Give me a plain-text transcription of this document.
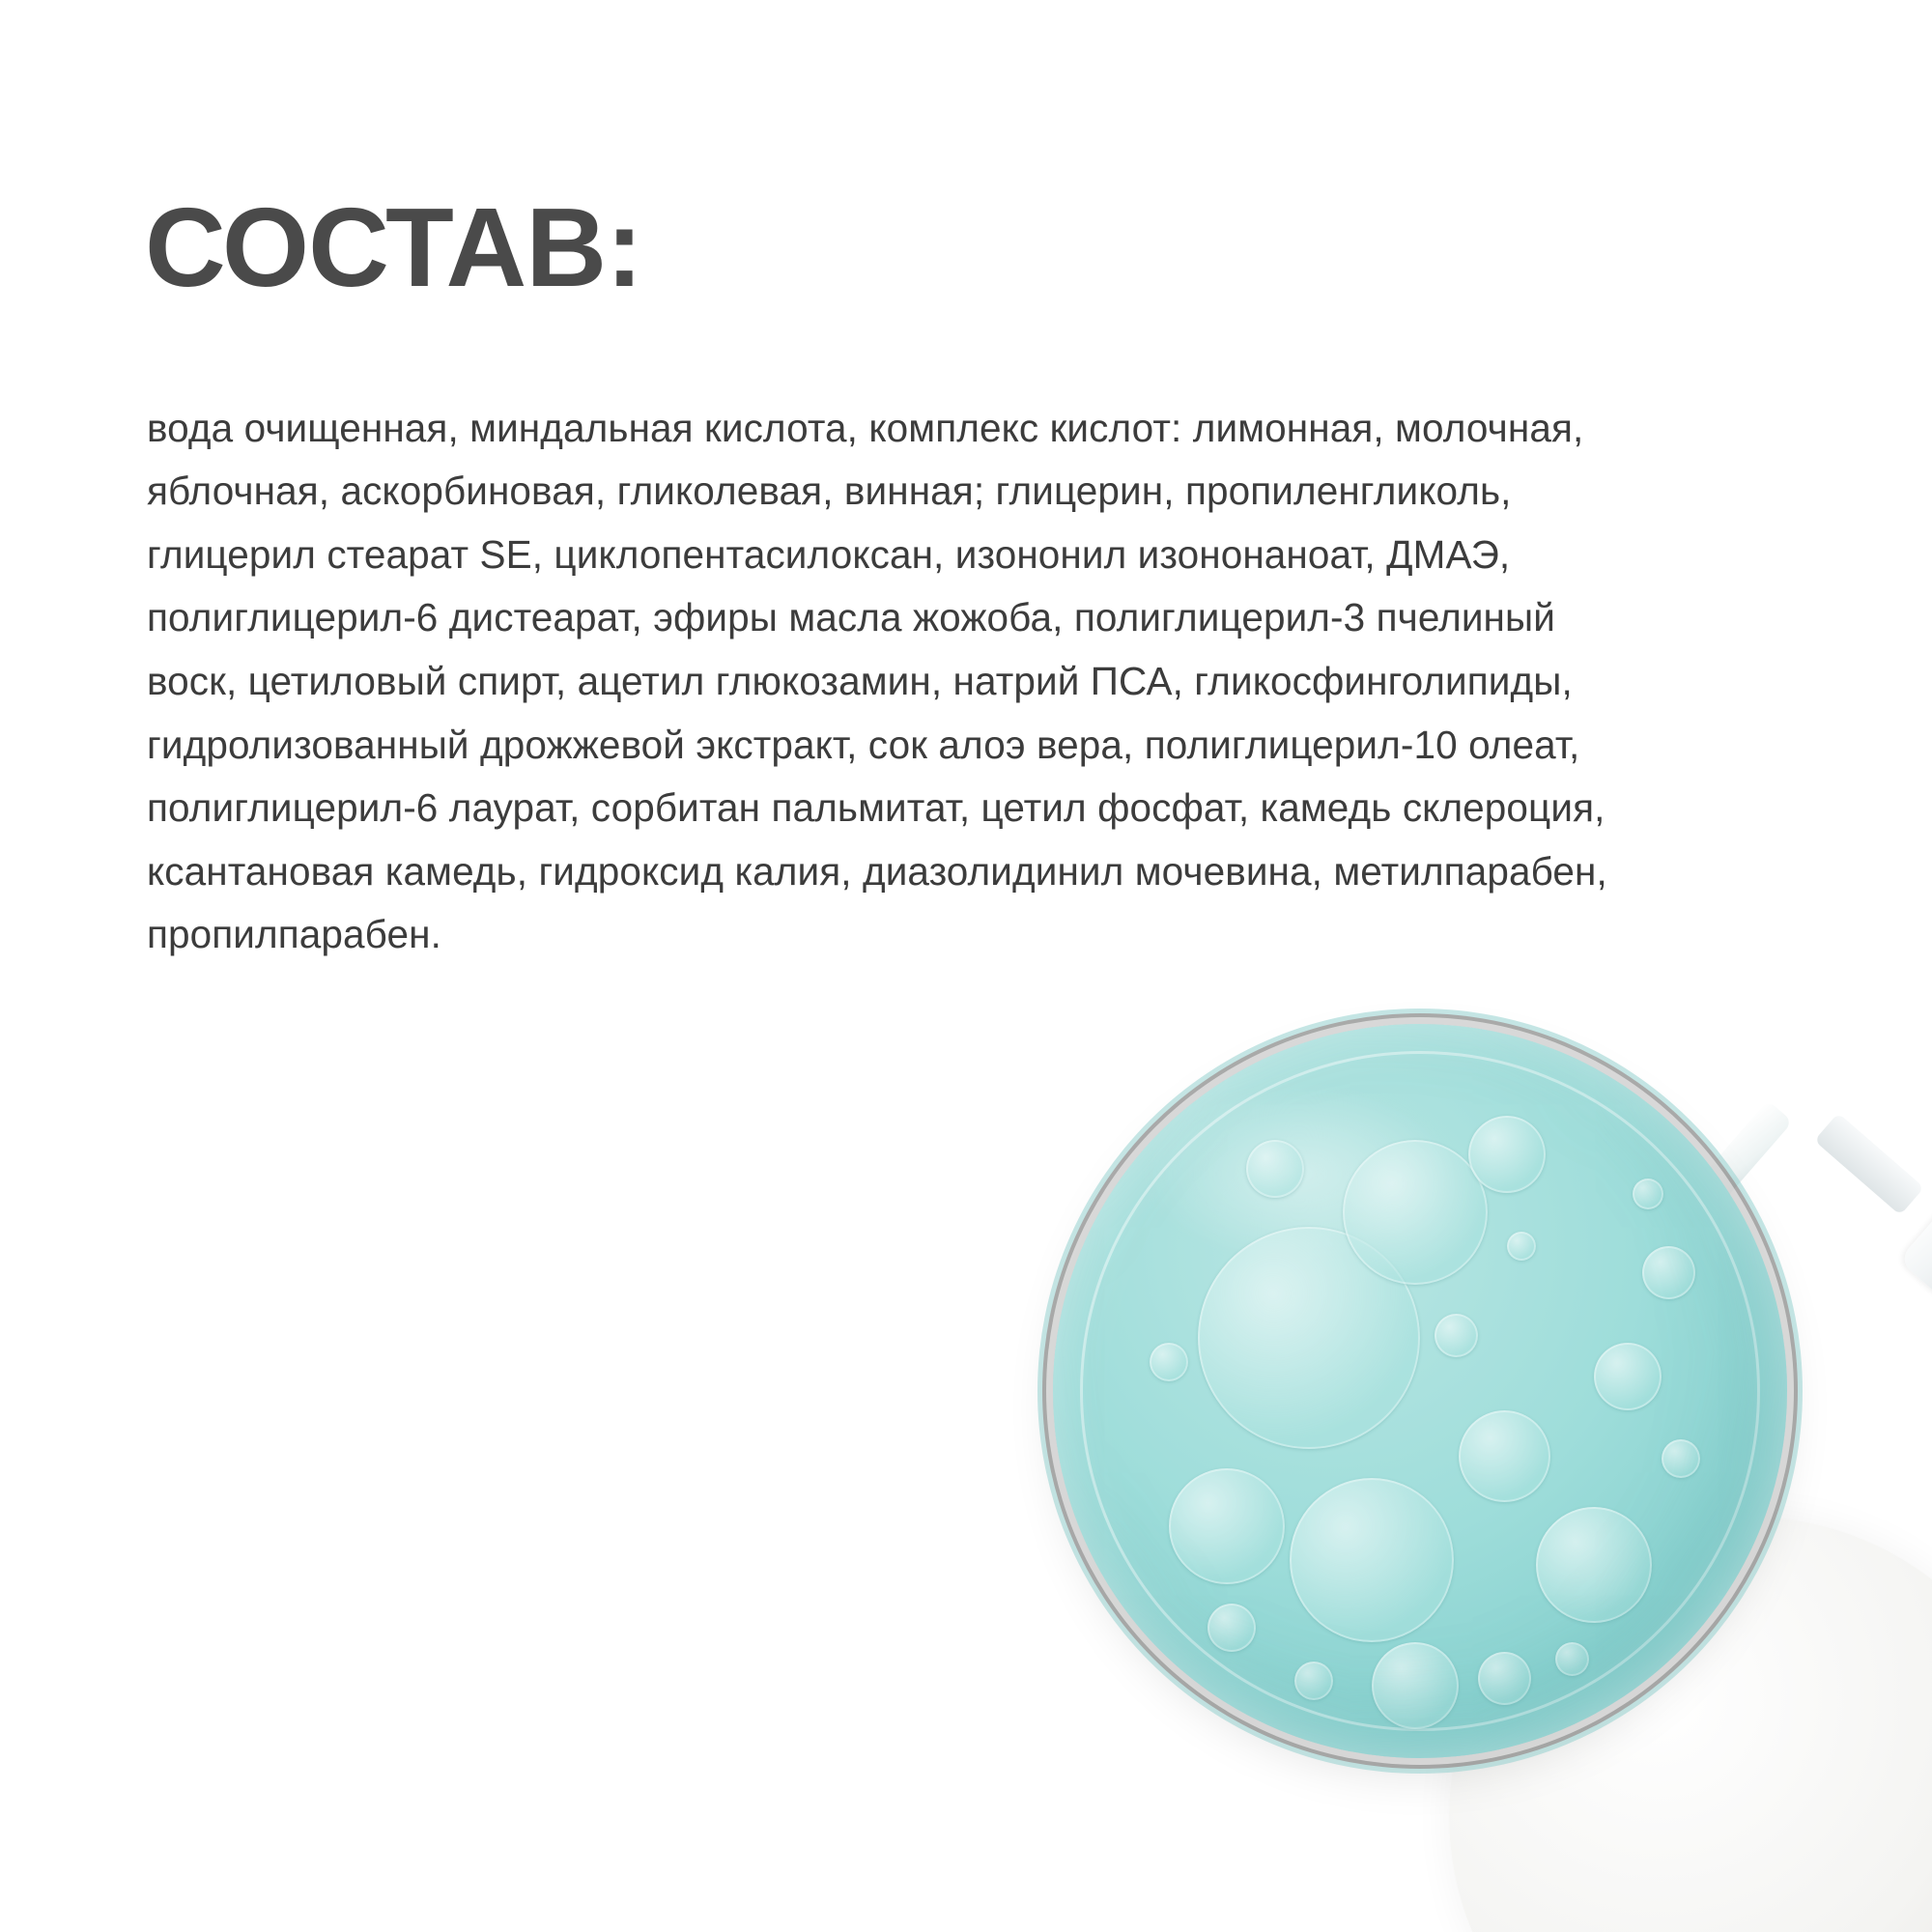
СОСТАВ:

вода очищенная, миндальная кислота, комплекс кислот: лимонная, молочная, яблочная, аскорбиновая, гликолевая, винная; глицерин, пропиленгликоль, глицерил стеарат SE, циклопентасилоксан, изононил изононаноат, ДМАЭ, полиглицерил-6 дистеарат, эфиры масла жожоба, полиглицерил-3 пчелиный воск, цетиловый спирт, ацетил глюкозамин, натрий ПСА, гликосфинголипиды, гидролизованный дрожжевой экстракт, сок алоэ вера, полиглицерил-10 олеат, полиглицерил-6 лаурат, сорбитан пальмитат, цетил фосфат, камедь склероция, ксантановая камедь, гидроксид калия, диазолидинил мочевина, метилпарабен, пропилпарабен.
